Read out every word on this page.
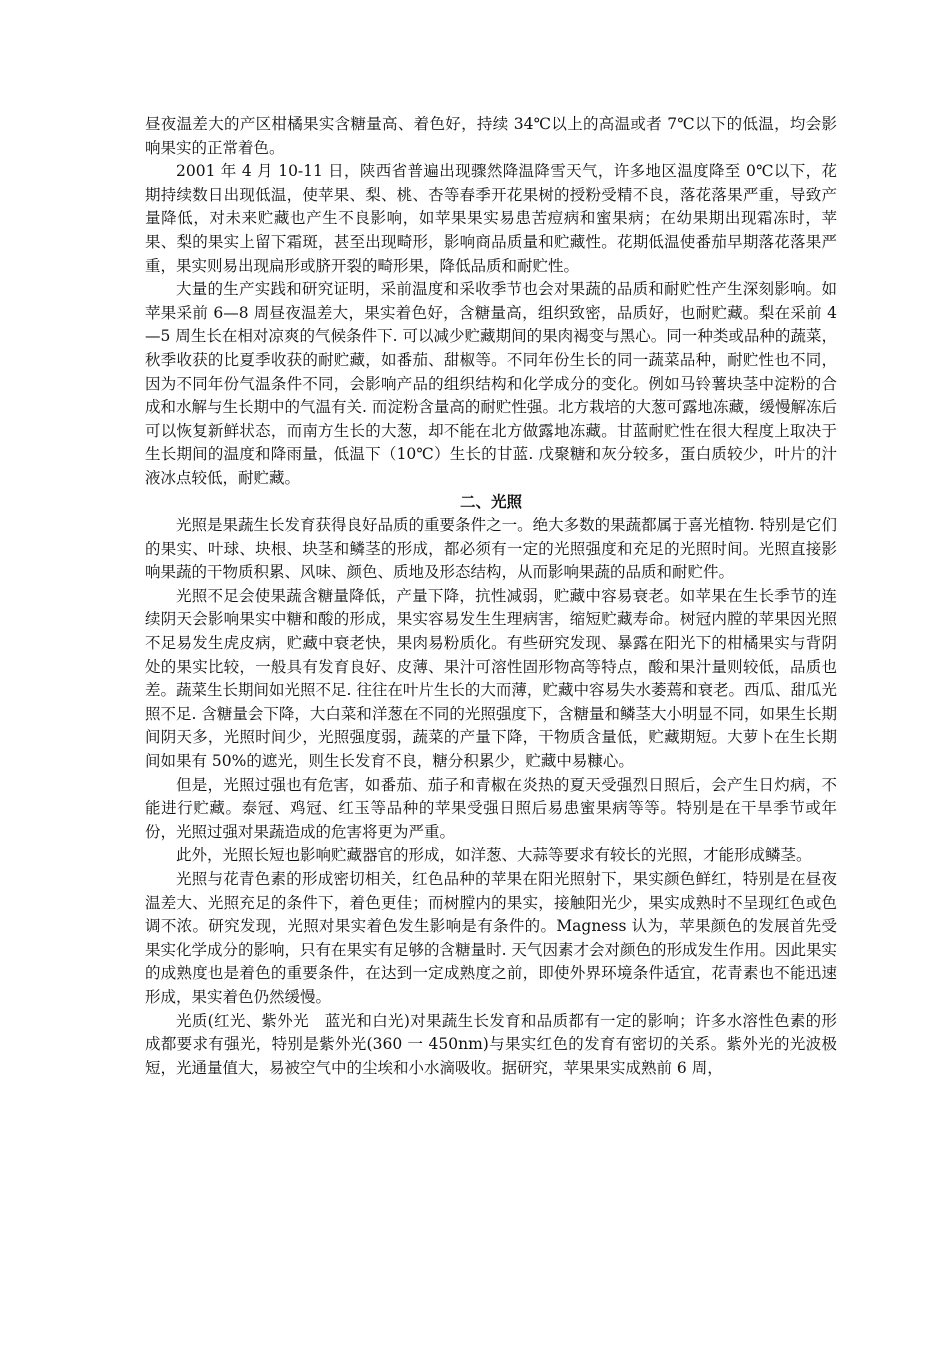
昼夜温差大的产区柑橘果实含糖量高、着色好，持续 34℃以上的高温或者 7℃以下的低温，均会影响果实的正常着色。

2001 年 4 月 10-11 日，陕西省普遍出现骤然降温降雪天气，许多地区温度降至 0℃以下，花期持续数日出现低温，使苹果、梨、桃、杏等春季开花果树的授粉受精不良，落花落果严重，导致产量降低，对未来贮藏也产生不良影响，如苹果果实易患苦痘病和蜜果病；在幼果期出现霜冻时，苹果、梨的果实上留下霜斑，甚至出现畸形，影响商品质量和贮藏性。花期低温使番茄早期落花落果严重，果实则易出现扁形或脐开裂的畸形果，降低品质和耐贮性。

大量的生产实践和研究证明，采前温度和采收季节也会对果蔬的品质和耐贮性产生深刻影响。如苹果采前 6—8 周昼夜温差大，果实着色好，含糖量高，组织致密，品质好，也耐贮藏。梨在采前 4—5 周生长在相对凉爽的气候条件下. 可以减少贮藏期间的果肉褐变与黑心。同一种类或品种的蔬菜，秋季收获的比夏季收获的耐贮藏，如番茄、甜椒等。不同年份生长的同一蔬菜品种，耐贮性也不同，因为不同年份气温条件不同，会影响产品的组织结构和化学成分的变化。例如马铃薯块茎中淀粉的合成和水解与生长期中的气温有关. 而淀粉含量高的耐贮性强。北方栽培的大葱可露地冻藏，缓慢解冻后可以恢复新鲜状态，而南方生长的大葱，却不能在北方做露地冻藏。甘蓝耐贮性在很大程度上取决于生长期间的温度和降雨量，低温下（10℃）生长的甘蓝. 戊聚糖和灰分较多，蛋白质较少，叶片的汁液冰点较低，耐贮藏。

二、光照

光照是果蔬生长发育获得良好品质的重要条件之一。绝大多数的果蔬都属于喜光植物. 特别是它们的果实、叶球、块根、块茎和鳞茎的形成，都必须有一定的光照强度和充足的光照时间。光照直接影响果蔬的干物质积累、风味、颜色、质地及形态结构，从而影响果蔬的品质和耐贮件。

光照不足会使果蔬含糖量降低，产量下降，抗性减弱，贮藏中容易衰老。如苹果在生长季节的连续阴天会影响果实中糖和酸的形成，果实容易发生生理病害，缩短贮藏寿命。树冠内膛的苹果因光照不足易发生虎皮病，贮藏中衰老快，果肉易粉质化。有些研究发现、暴露在阳光下的柑橘果实与背阴处的果实比较，一般具有发育良好、皮薄、果汁可溶性固形物高等特点，酸和果汁量则较低，品质也差。蔬菜生长期间如光照不足. 往往在叶片生长的大而薄，贮藏中容易失水萎蔫和衰老。西瓜、甜瓜光照不足. 含糖量会下降，大白菜和洋葱在不同的光照强度下，含糖量和鳞茎大小明显不同，如果生长期间阴天多，光照时间少，光照强度弱，蔬菜的产量下降，干物质含量低，贮藏期短。大萝卜在生长期间如果有 50%的遮光，则生长发育不良，糖分积累少，贮藏中易糠心。

但是，光照过强也有危害，如番茄、茄子和青椒在炎热的夏天受强烈日照后，会产生日灼病，不能进行贮藏。泰冠、鸡冠、红玉等品种的苹果受强日照后易患蜜果病等等。特别是在干旱季节或年份，光照过强对果蔬造成的危害将更为严重。

此外，光照长短也影响贮藏器官的形成，如洋葱、大蒜等要求有较长的光照，才能形成鳞茎。

光照与花青色素的形成密切相关，红色品种的苹果在阳光照射下，果实颜色鲜红，特别是在昼夜温差大、光照充足的条件下，着色更佳；而树膛内的果实，接触阳光少，果实成熟时不呈现红色或色调不浓。研究发现，光照对果实着色发生影响是有条件的。Magness 认为，苹果颜色的发展首先受果实化学成分的影响，只有在果实有足够的含糖量时. 天气因素才会对颜色的形成发生作用。因此果实的成熟度也是着色的重要条件，在达到一定成熟度之前，即使外界环境条件适宜，花青素也不能迅速形成，果实着色仍然缓慢。

光质(红光、紫外光　蓝光和白光)对果蔬生长发育和品质都有一定的影响；许多水溶性色素的形成都要求有强光，特别是紫外光(360 一 450nm)与果实红色的发育有密切的关系。紫外光的光波极短，光通量值大，易被空气中的尘埃和小水滴吸收。据研究，苹果果实成熟前 6 周，
